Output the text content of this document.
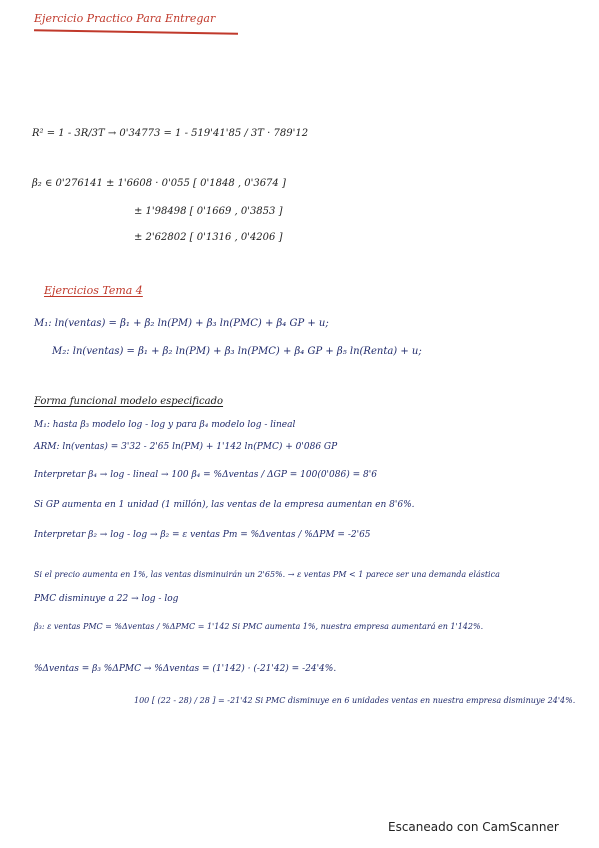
Ejercicio Practico Para Entregar
R² = 1 - 3R/3T → 0'34773 = 1 - 519'41'85 / 3T · 789'12
β₂ ∈ 0'276141 ± 1'6608 · 0'055 [ 0'1848 , 0'3674 ]
± 1'98498 [ 0'1669 , 0'3853 ]
± 2'62802 [ 0'1316 , 0'4206 ]
Ejercicios Tema 4
M₁: ln(ventas) = β₁ + β₂ ln(PM) + β₃ ln(PMC) + β₄ GP + u;
M₂: ln(ventas) = β₁ + β₂ ln(PM) + β₃ ln(PMC) + β₄ GP + β₅ ln(Renta) + u;
Forma funcional modelo especificado
M₁: hasta β₃ modelo log - log y para β₄ modelo log - lineal
ARM: ln(ventas) = 3'32 - 2'65 ln(PM) + 1'142 ln(PMC) + 0'086 GP
Interpretar β₄ → log - lineal → 100 β₄ = %Δventas / ΔGP = 100(0'086) = 8'6
Si GP aumenta en 1 unidad (1 millón), las ventas de la empresa aumentan en 8'6%.
Interpretar β₂ → log - log → β₂ = ε ventas Pm = %Δventas / %ΔPM = -2'65
Si el precio aumenta en 1%, las ventas disminuirán un 2'65%. → ε ventas PM < 1 parece ser una demanda elástica
PMC disminuye a 22 → log - log
β₃: ε ventas PMC = %Δventas / %ΔPMC = 1'142 Si PMC aumenta 1%, nuestra empresa aumentará en 1'142%.
%Δventas = β₃ %ΔPMC → %Δventas = (1'142) · (-21'42) = -24'4%.
100 [ (22 - 28) / 28 ] = -21'42 Si PMC disminuye en 6 unidades ventas en nuestra empresa disminuye 24'4%.
Escaneado con CamScanner
